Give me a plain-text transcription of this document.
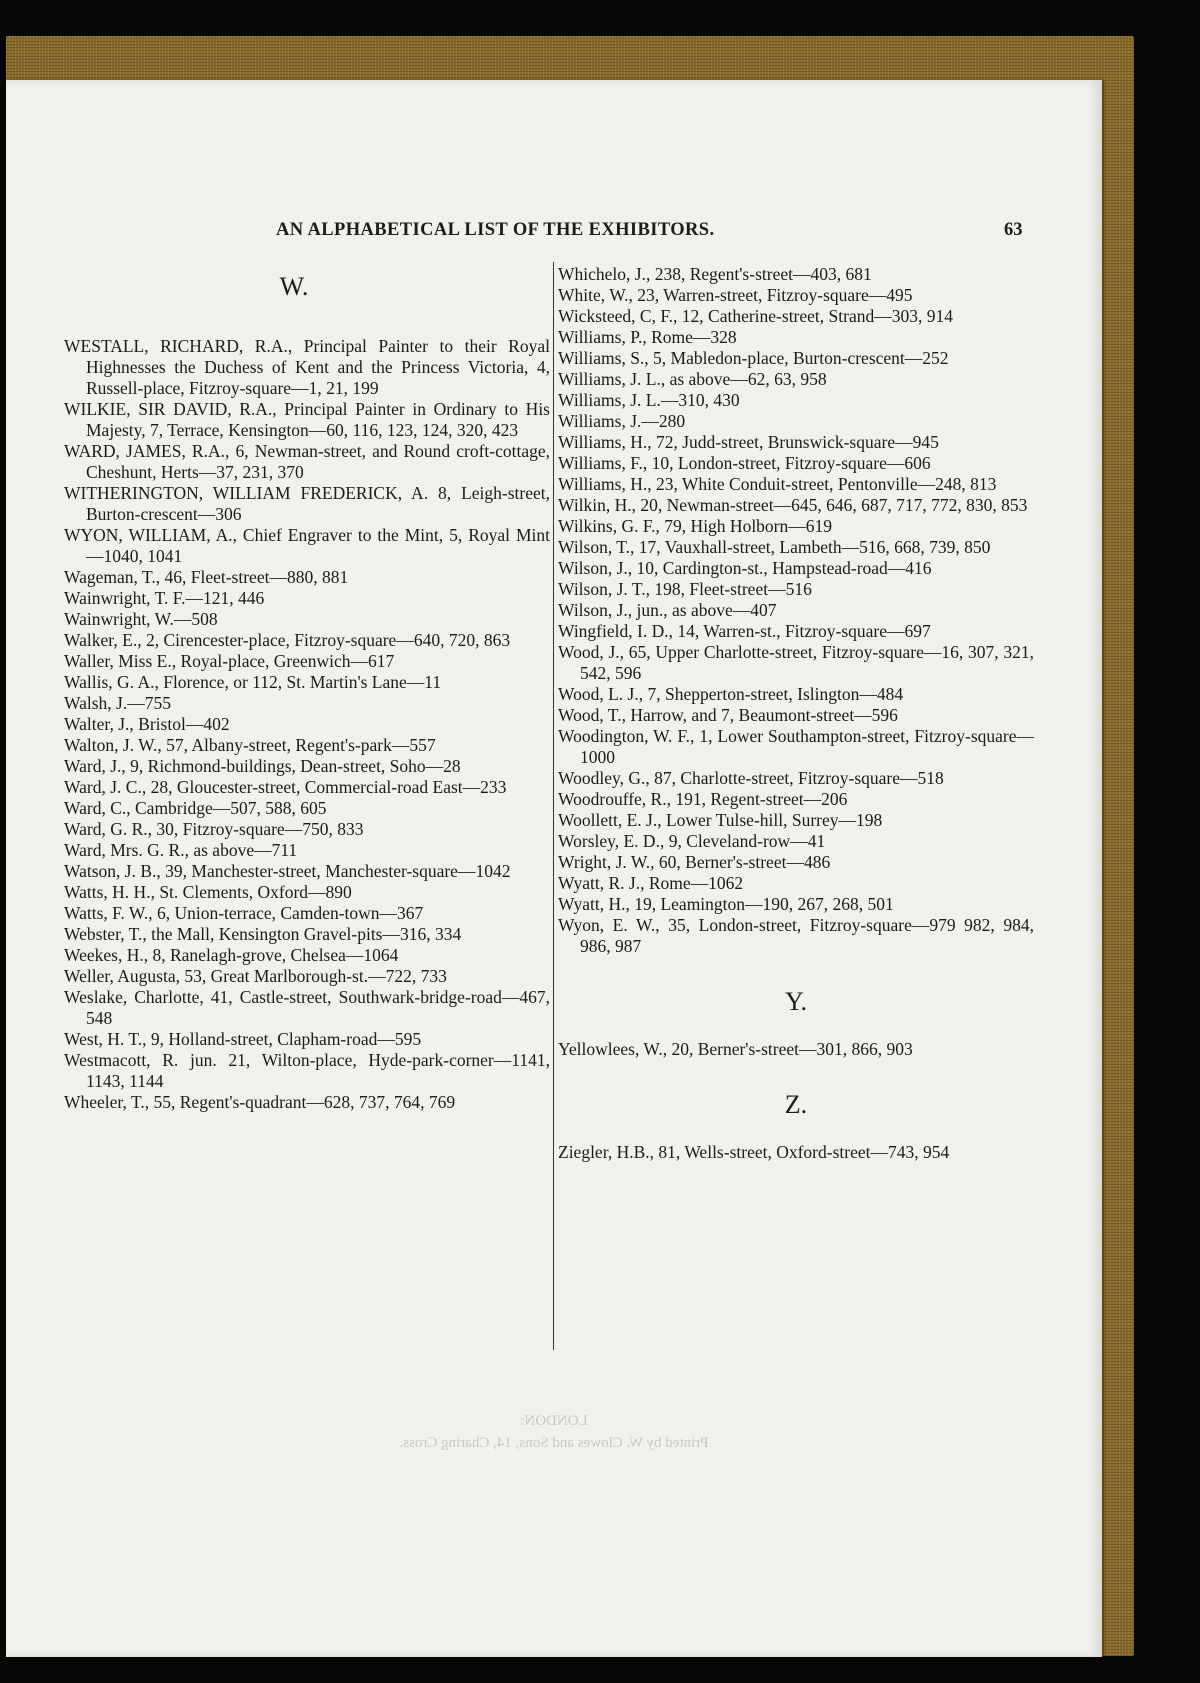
AN ALPHABETICAL LIST OF THE EXHIBITORS.	63
W.

WESTALL, RICHARD, R.A., Principal Painter to their Royal Highnesses the Duchess of Kent and the Princess Victoria, 4, Russell-place, Fitzroy-square—1, 21, 199

WILKIE, SIR DAVID, R.A., Principal Painter in Ordinary to His Majesty, 7, Terrace, Kensington—60, 116, 123, 124, 320, 423

WARD, JAMES, R.A., 6, Newman-street, and Round croft-cottage, Cheshunt, Herts—37, 231, 370

WITHERINGTON, WILLIAM FREDERICK, A. 8, Leigh-street, Burton-crescent—306

WYON, WILLIAM, A., Chief Engraver to the Mint, 5, Royal Mint—1040, 1041

Wageman, T., 46, Fleet-street—880, 881

Wainwright, T. F.—121, 446

Wainwright, W.—508

Walker, E., 2, Cirencester-place, Fitzroy-square—640, 720, 863

Waller, Miss E., Royal-place, Greenwich—617

Wallis, G. A., Florence, or 112, St. Martin's Lane—11

Walsh, J.—755

Walter, J., Bristol—402

Walton, J. W., 57, Albany-street, Regent's-park—557

Ward, J., 9, Richmond-buildings, Dean-street, Soho—28

Ward, J. C., 28, Gloucester-street, Commercial-road East—233

Ward, C., Cambridge—507, 588, 605

Ward, G. R., 30, Fitzroy-square—750, 833

Ward, Mrs. G. R., as above—711

Watson, J. B., 39, Manchester-street, Manchester-square—1042

Watts, H. H., St. Clements, Oxford—890

Watts, F. W., 6, Union-terrace, Camden-town—367

Webster, T., the Mall, Kensington Gravel-pits—316, 334

Weekes, H., 8, Ranelagh-grove, Chelsea—1064

Weller, Augusta, 53, Great Marlborough-st.—722, 733

Weslake, Charlotte, 41, Castle-street, Southwark-bridge-road—467, 548

West, H. T., 9, Holland-street, Clapham-road—595

Westmacott, R. jun. 21, Wilton-place, Hyde-park-corner—1141, 1143, 1144

Wheeler, T., 55, Regent's-quadrant—628, 737, 764, 769

Whichelo, J., 238, Regent's-street—403, 681

White, W., 23, Warren-street, Fitzroy-square—495

Wicksteed, C, F., 12, Catherine-street, Strand—303, 914

Williams, P., Rome—328

Williams, S., 5, Mabledon-place, Burton-crescent—252

Williams, J. L., as above—62, 63, 958

Williams, J. L.—310, 430

Williams, J.—280

Williams, H., 72, Judd-street, Brunswick-square—945

Williams, F., 10, London-street, Fitzroy-square—606

Williams, H., 23, White Conduit-street, Pentonville—248, 813

Wilkin, H., 20, Newman-street—645, 646, 687, 717, 772, 830, 853

Wilkins, G. F., 79, High Holborn—619

Wilson, T., 17, Vauxhall-street, Lambeth—516, 668, 739, 850

Wilson, J., 10, Cardington-st., Hampstead-road—416

Wilson, J. T., 198, Fleet-street—516

Wilson, J., jun., as above—407

Wingfield, I. D., 14, Warren-st., Fitzroy-square—697

Wood, J., 65, Upper Charlotte-street, Fitzroy-square—16, 307, 321, 542, 596

Wood, L. J., 7, Shepperton-street, Islington—484

Wood, T., Harrow, and 7, Beaumont-street—596

Woodington, W. F., 1, Lower Southampton-street, Fitzroy-square—1000

Woodley, G., 87, Charlotte-street, Fitzroy-square—518

Woodrouffe, R., 191, Regent-street—206

Woollett, E. J., Lower Tulse-hill, Surrey—198

Worsley, E. D., 9, Cleveland-row—41

Wright, J. W., 60, Berner's-street—486

Wyatt, R. J., Rome—1062

Wyatt, H., 19, Leamington—190, 267, 268, 501

Wyon, E. W., 35, London-street, Fitzroy-square—979 982, 984, 986, 987

Y.

Yellowlees, W., 20, Berner's-street—301, 866, 903

Z.

Ziegler, H.B., 81, Wells-street, Oxford-street—743, 954

LONDON:
Printed by W. Clowes and Sons, 14, Charing Cross.
